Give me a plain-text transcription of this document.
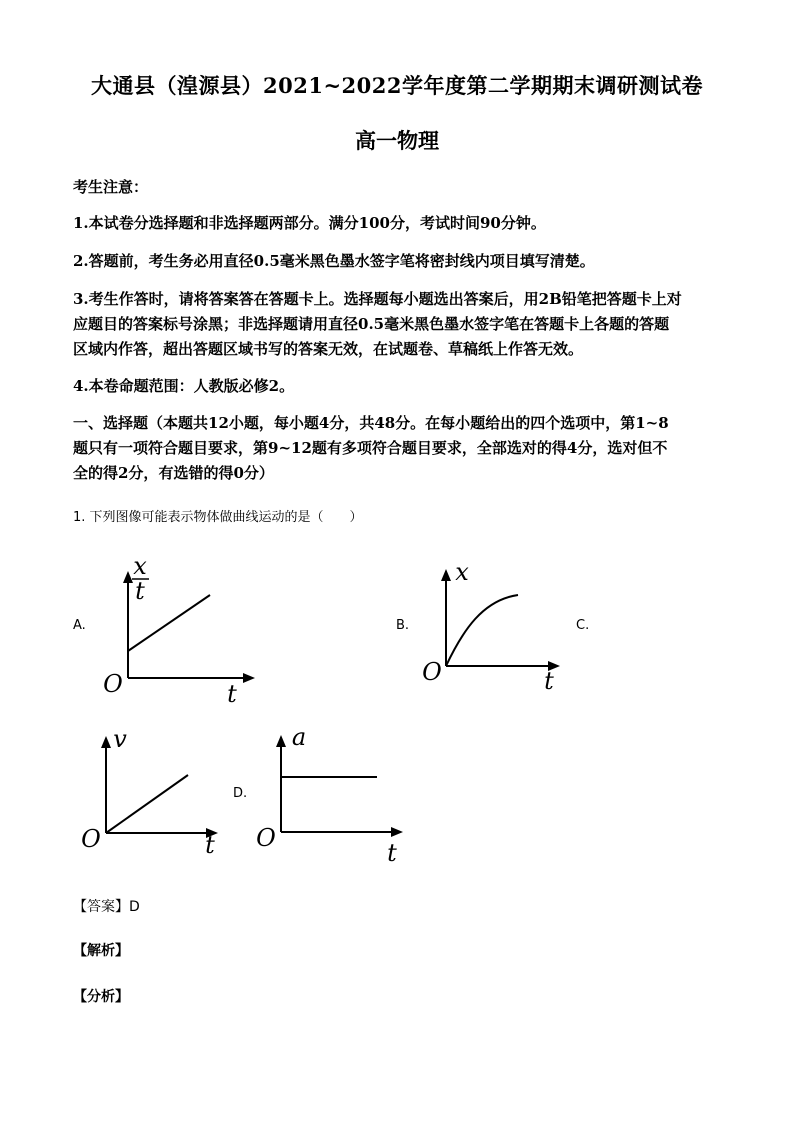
大通县（湟源县）2021~2022学年度第二学期期末调研测试卷
高一物理
考生注意：
1.本试卷分选择题和非选择题两部分。满分100分，考试时间90分钟。
2.答题前，考生务必用直径0.5毫米黑色墨水签字笔将密封线内项目填写清楚。
3.考生作答时，请将答案答在答题卡上。选择题每小题选出答案后，用2B铅笔把答题卡上对
应题目的答案标号涂黑；非选择题请用直径0.5毫米黑色墨水签字笔在答题卡上各题的答题
区域内作答，超出答题区域书写的答案无效，在试题卷、草稿纸上作答无效。
4.本卷命题范围：人教版必修2。
一、选择题（本题共12小题，每小题4分，共48分。在每小题给出的四个选项中，第1~8
题只有一项符合题目要求，第9~12题有多项符合题目要求，全部选对的得4分，选对但不
全的得2分，有选错的得0分）
1. 下列图像可能表示物体做曲线运动的是（　　）
A.	B.	C.
D.
x
t
O	t
x
O	t
v
O	t
a
O
t
【答案】D
【解析】
【分析】
